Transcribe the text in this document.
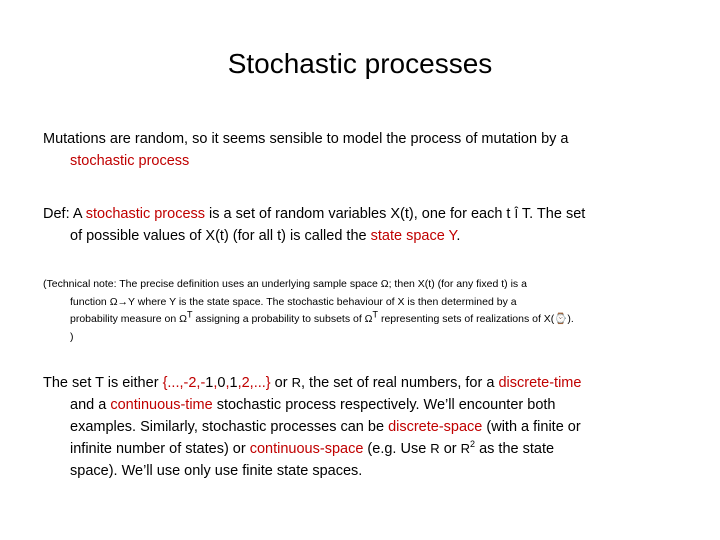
Stochastic processes
Mutations are random, so it seems sensible to model the process of mutation by a
stochastic process
Def: A stochastic process is a set of random variables X(t), one for each t Î T. The set
of possible values of X(t) (for all t) is called the state space Y.
(Technical note: The precise definition uses an underlying sample space Ω; then X(t) (for any fixed t) is a
function Ω→Y where Y is the state space. The stochastic behaviour of X is then determined by a
probability measure on ΩT assigning a probability to subsets of ΩT representing sets of realizations of X(⌚).
)
The set T is either {...,-2,-1,0,1,2,...} or R, the set of real numbers, for a discrete-time
and a continuous-time stochastic process respectively. We’ll encounter both
examples. Similarly, stochastic processes can be discrete-space (with a finite or
infinite number of states) or continuous-space (e.g. Use R or $R^2$ as the state
space). We’ll use only use finite state spaces.
